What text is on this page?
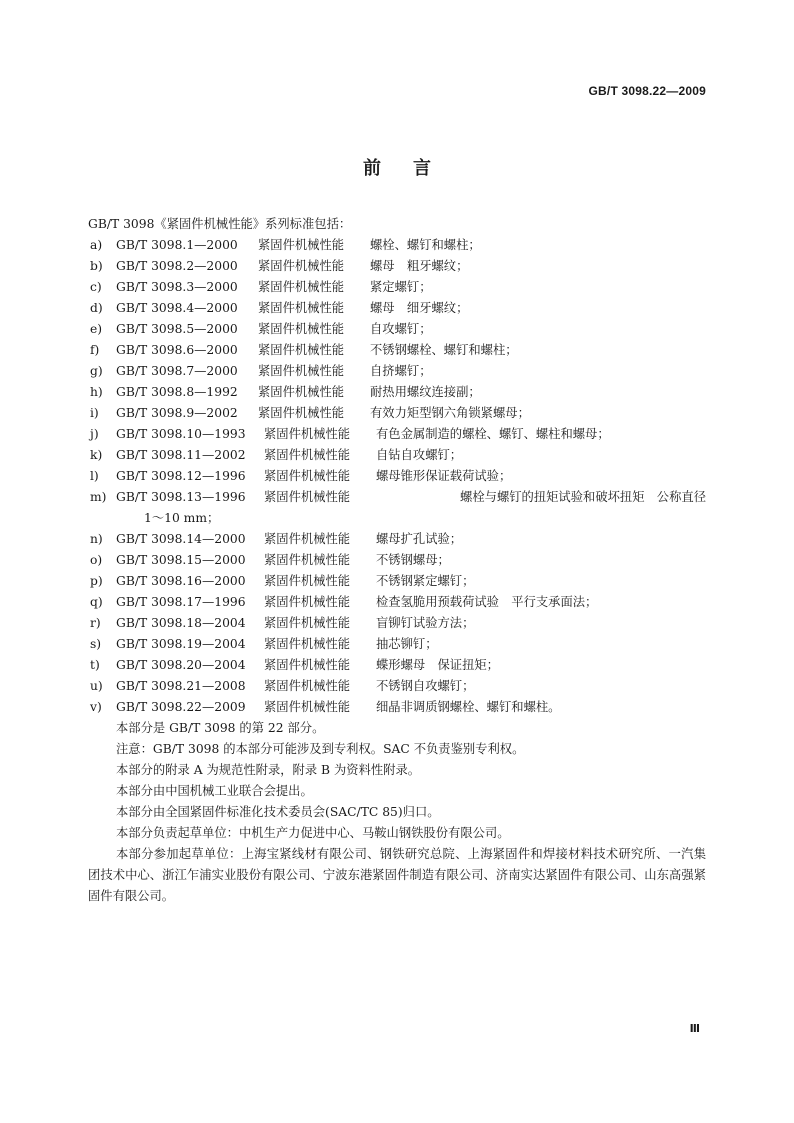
GB/T 3098.22—2009
前言
GB/T 3098《紧固件机械性能》系列标准包括：
a)	GB/T 3098.1—2000	紧固件机械性能	螺栓、螺钉和螺柱；
b)	GB/T 3098.2—2000	紧固件机械性能	螺母　粗牙螺纹；
c)	GB/T 3098.3—2000	紧固件机械性能	紧定螺钉；
d)	GB/T 3098.4—2000	紧固件机械性能	螺母　细牙螺纹；
e)	GB/T 3098.5—2000	紧固件机械性能	自攻螺钉；
f)	GB/T 3098.6—2000	紧固件机械性能	不锈钢螺栓、螺钉和螺柱；
g)	GB/T 3098.7—2000	紧固件机械性能	自挤螺钉；
h)	GB/T 3098.8—1992	紧固件机械性能	耐热用螺纹连接副；
i)	GB/T 3098.9—2002	紧固件机械性能	有效力矩型钢六角锁紧螺母；
j)	GB/T 3098.10—1993	紧固件机械性能	有色金属制造的螺栓、螺钉、螺柱和螺母；
k)	GB/T 3098.11—2002	紧固件机械性能	自钻自攻螺钉；
l)	GB/T 3098.12—1996	紧固件机械性能	螺母锥形保证载荷试验；
m) GB/T 3098.13—1996	紧固件机械性能	螺栓与螺钉的扭矩试验和破坏扭矩　公称直径
1～10 mm；
n)	GB/T 3098.14—2000	紧固件机械性能	螺母扩孔试验；
o)	GB/T 3098.15—2000	紧固件机械性能	不锈钢螺母；
p)	GB/T 3098.16—2000	紧固件机械性能	不锈钢紧定螺钉；
q)	GB/T 3098.17—1996	紧固件机械性能	检查氢脆用预载荷试验　平行支承面法；
r)	GB/T 3098.18—2004	紧固件机械性能	盲铆钉试验方法；
s)	GB/T 3098.19—2004	紧固件机械性能	抽芯铆钉；
t)	GB/T 3098.20—2004	紧固件机械性能	蝶形螺母　保证扭矩；
u)	GB/T 3098.21—2008	紧固件机械性能	不锈钢自攻螺钉；
v)	GB/T 3098.22—2009	紧固件机械性能	细晶非调质钢螺栓、螺钉和螺柱。
本部分是 GB/T 3098 的第 22 部分。
注意：GB/T 3098 的本部分可能涉及到专利权。SAC 不负责鉴别专利权。
本部分的附录 A 为规范性附录，附录 B 为资料性附录。
本部分由中国机械工业联合会提出。
本部分由全国紧固件标准化技术委员会(SAC/TC 85)归口。
本部分负责起草单位：中机生产力促进中心、马鞍山钢铁股份有限公司。
本部分参加起草单位：上海宝紧线材有限公司、钢铁研究总院、上海紧固件和焊接材料技术研究所、一汽集团技术中心、浙江乍浦实业股份有限公司、宁波东港紧固件制造有限公司、济南实达紧固件有限公司、山东高强紧固件有限公司。
Ⅲ
